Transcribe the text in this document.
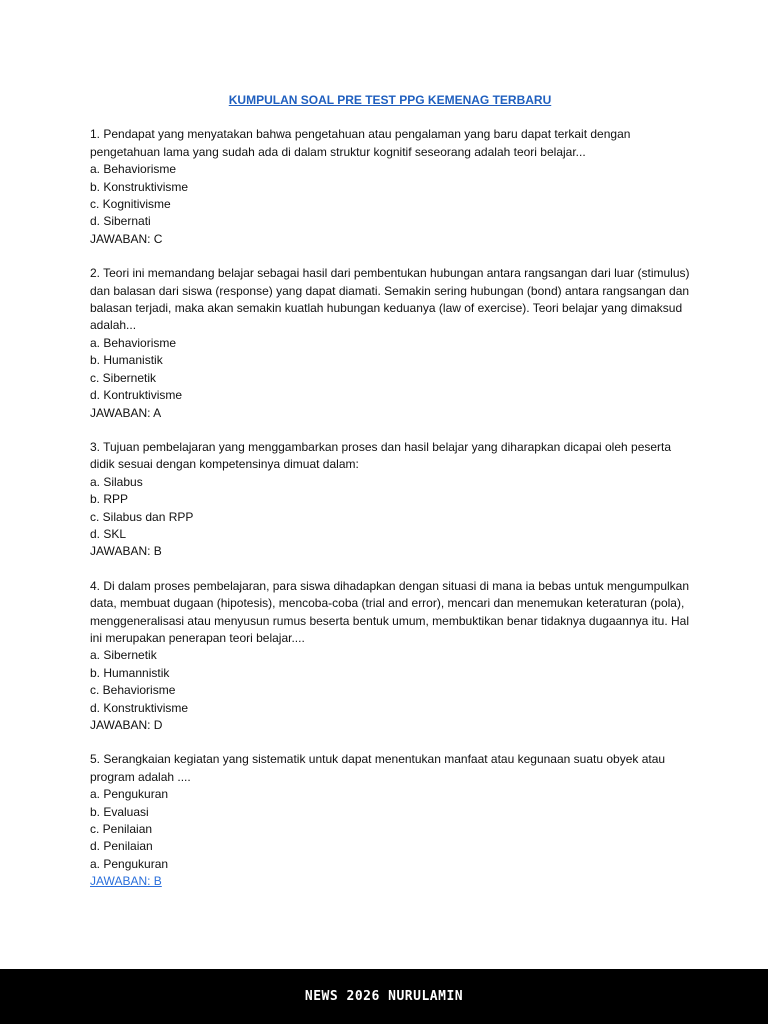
KUMPULAN SOAL PRE TEST PPG KEMENAG TERBARU

1. Pendapat yang menyatakan bahwa pengetahuan atau pengalaman yang baru dapat terkait dengan pengetahuan lama yang sudah ada di dalam struktur kognitif seseorang adalah teori belajar...
a. Behaviorisme
b. Konstruktivisme
c. Kognitivisme
d. Sibernati
JAWABAN: C
2. Teori ini memandang belajar sebagai hasil dari pembentukan hubungan antara rangsangan dari luar (stimulus) dan balasan dari siswa (response) yang dapat diamati. Semakin sering hubungan (bond) antara rangsangan dan balasan terjadi, maka akan semakin kuatlah hubungan keduanya (law of exercise). Teori belajar yang dimaksud adalah...
a. Behaviorisme
b. Humanistik
c. Sibernetik
d. Kontruktivisme
JAWABAN: A
3. Tujuan pembelajaran yang menggambarkan proses dan hasil belajar yang diharapkan dicapai oleh peserta didik sesuai dengan kompetensinya dimuat dalam:
a. Silabus
b. RPP
c. Silabus dan RPP
d. SKL
JAWABAN: B
4. Di dalam proses pembelajaran, para siswa dihadapkan dengan situasi di mana ia bebas untuk mengumpulkan data, membuat dugaan (hipotesis), mencoba-coba (trial and error), mencari dan menemukan keteraturan (pola), menggeneralisasi atau menyusun rumus beserta bentuk umum, membuktikan benar tidaknya dugaannya itu. Hal ini merupakan penerapan teori belajar....
a. Sibernetik
b. Humannistik
c. Behaviorisme
d. Konstruktivisme
JAWABAN: D
5. Serangkaian kegiatan yang sistematik untuk dapat menentukan manfaat atau kegunaan suatu obyek atau program adalah ....
a. Pengukuran
b. Evaluasi
c. Penilaian
d. Penilaian
a. Pengukuran
JAWABAN: B
NEWS 2026 NURULAMIN
